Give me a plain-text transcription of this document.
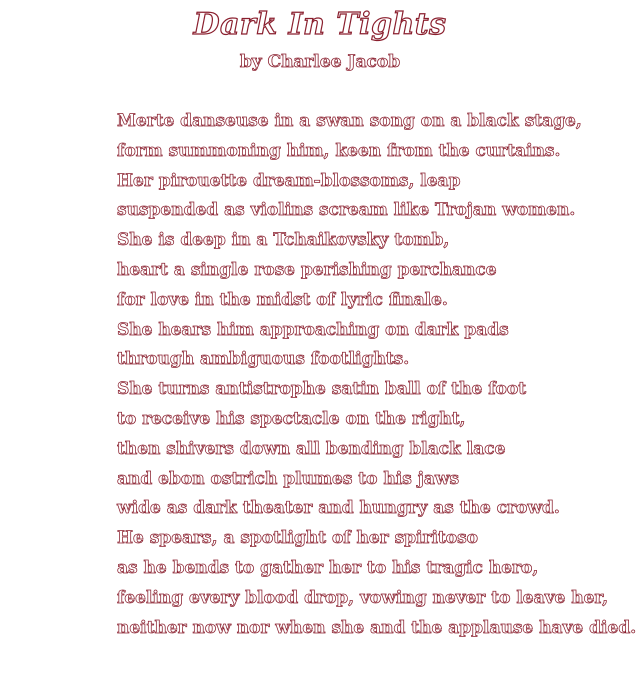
Dark In Tights
by Charlee Jacob
Merte danseuse in a swan song on a black stage,
form summoning him, keen from the curtains.
Her pirouette dream-blossoms, leap
suspended as violins scream like Trojan women.
She is deep in a Tchaikovsky tomb,
heart a single rose perishing perchance
for love in the midst of lyric finale.
She hears him approaching on dark pads
through ambiguous footlights.
She turns antistrophe satin ball of the foot
to receive his spectacle on the right,
then shivers down all bending black lace
and ebon ostrich plumes to his jaws
wide as dark theater and hungry as the crowd.
He spears, a spotlight of her spiritoso
as he bends to gather her to his tragic hero,
feeling every blood drop, vowing never to leave her,
neither now nor when she and the applause have died.
